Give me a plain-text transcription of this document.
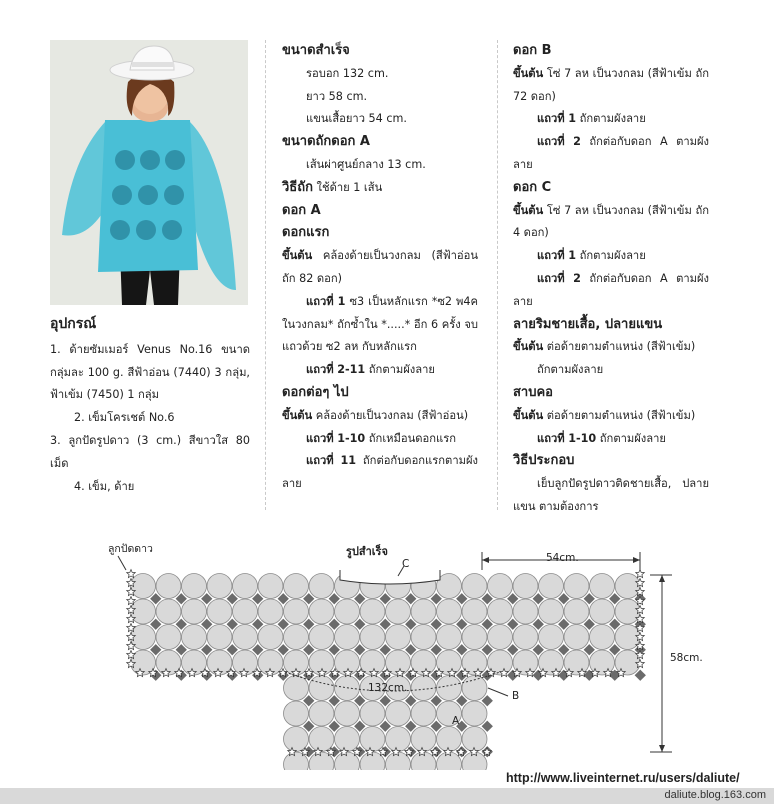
อุปกรณ์
1. ด้ายซัมเมอร์ Venus No.16 ขนาดกลุ่มละ 100 g. สีฟ้าอ่อน (7440) 3 กลุ่ม, ฟ้าเข้ม (7450) 1 กลุ่ม
2. เข็มโครเชต์ No.6
3. ลูกปัดรูปดาว (3 cm.) สีขาวใส 80 เม็ด
4. เข็ม, ด้าย
ขนาดสำเร็จ
รอบอก 132 cm.
ยาว 58 cm.
แขนเสื้อยาว 54 cm.
ขนาดถักดอก A
เส้นผ่าศูนย์กลาง 13 cm.
วิธีถัก ใช้ด้าย 1 เส้น
ดอก A
ดอกแรก
ขึ้นต้น คล้องด้ายเป็นวงกลม (สีฟ้าอ่อน ถัก 82 ดอก)
แถวที่ 1 ซ3 เป็นหลักแรก *ซ2 พ4ค ในวงกลม* ถักซ้ำใน *.....* อีก 6 ครั้ง จบแถวด้วย ซ2 ลห กับหลักแรก
แถวที่ 2-11 ถักตามผังลาย
ดอกต่อๆ ไป
ขึ้นต้น คล้องด้ายเป็นวงกลม (สีฟ้าอ่อน)
แถวที่ 1-10 ถักเหมือนดอกแรก
แถวที่ 11 ถักต่อกับดอกแรกตามผังลาย
ดอก B
ขึ้นต้น โซ่ 7 ลห เป็นวงกลม (สีฟ้าเข้ม ถัก 72 ดอก)
แถวที่ 1 ถักตามผังลาย
แถวที่ 2 ถักต่อกับดอก A ตามผังลาย
ดอก C
ขึ้นต้น โซ่ 7 ลห เป็นวงกลม (สีฟ้าเข้ม ถัก 4 ดอก)
แถวที่ 1 ถักตามผังลาย
แถวที่ 2 ถักต่อกับดอก A ตามผังลาย
ลายริมชายเสื้อ, ปลายแขน
ขึ้นต้น ต่อด้ายตามตำแหน่ง (สีฟ้าเข้ม)
ถักตามผังลาย
สาบคอ
ขึ้นต้น ต่อด้ายตามตำแหน่ง (สีฟ้าเข้ม)
แถวที่ 1-10 ถักตามผังลาย
วิธีประกอบ
เย็บลูกปัดรูปดาวติดชายเสื้อ, ปลายแขน ตามต้องการ
รูปสำเร็จ
ลูกปัดดาว
54cm.
58cm.
132cm.
A
B
C
http://www.liveinternet.ru/users/daliute/
daliute.blog.163.com
